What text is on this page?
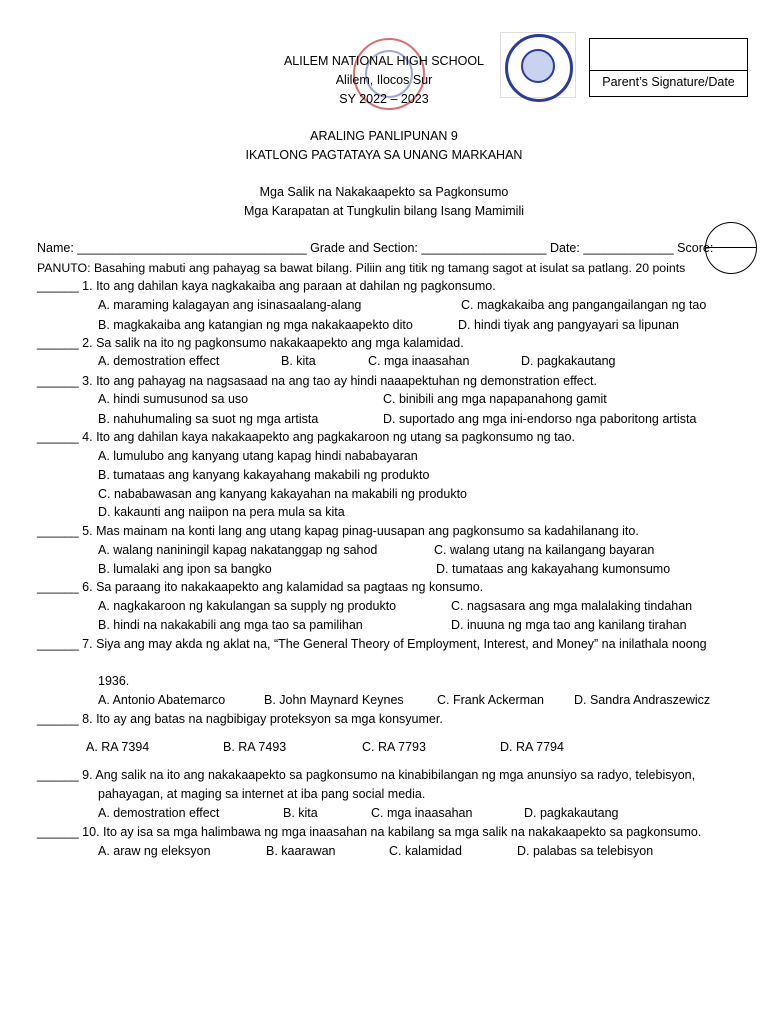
Parent’s Signature/Date
ALILEM NATIONAL HIGH SCHOOL
Alilem, Ilocos Sur
SY 2022 – 2023
ARALING PANLIPUNAN 9
IKATLONG PAGTATAYA SA UNANG MARKAHAN
Mga Salik na Nakakaapekto sa Pagkonsumo
Mga Karapatan at Tungkulin bilang Isang Mamimili
Name: _________________________________ Grade and Section: __________________ Date: _____________ Score:
PANUTO: Basahing mabuti ang pahayag sa bawat bilang. Piliin ang titik ng tamang sagot at isulat sa patlang. 20 points
______ 1. Ito ang dahilan kaya nagkakaiba ang paraan at dahilan ng pagkonsumo.
A. maraming kalagayan ang isinasaalang-alang	C. magkakaiba ang pangangailangan ng tao
B. magkakaiba ang katangian ng mga nakakaapekto dito	D. hindi tiyak ang pangyayari sa lipunan
______ 2. Sa salik na ito ng pagkonsumo nakakaapekto ang mga kalamidad.
A. demostration effect	B. kita	C. mga inaasahan	D. pagkakautang
______ 3. Ito ang pahayag na nagsasaad na ang tao ay hindi naaapektuhan ng demonstration effect.
A. hindi sumusunod sa uso	C. binibili ang mga napapanahong gamit
B. nahuhumaling sa suot ng mga artista	D. suportado ang mga ini-endorso nga paboritong artista
______ 4. Ito ang dahilan kaya nakakaapekto ang pagkakaroon ng utang sa pagkonsumo ng tao.
A. lumulubo ang kanyang utang kapag hindi nababayaran
B. tumataas ang kanyang kakayahang makabili ng produkto
C. nababawasan ang kanyang kakayahan na makabili ng produkto
D. kakaunti ang naiipon na pera mula sa kita
______ 5. Mas mainam na konti lang ang utang kapag pinag-uusapan ang pagkonsumo sa kadahilanang ito.
A. walang naniningil kapag nakatanggap ng sahod	C. walang utang na kailangang bayaran
B. lumalaki ang ipon sa bangko	D. tumataas ang kakayahang kumonsumo
______ 6. Sa paraang ito nakakaapekto ang kalamidad sa pagtaas ng konsumo.
A. nagkakaroon ng kakulangan sa supply ng produkto	C. nagsasara ang mga malalaking tindahan
B. hindi na nakakabili ang mga tao sa pamilihan	D. inuuna ng mga tao ang kanilang tirahan
______ 7. Siya ang may akda ng aklat na, “The General Theory of Employment, Interest, and Money” na inilathala noong
1936.
A. Antonio Abatemarco	B. John Maynard Keynes	C. Frank Ackerman D. Sandra Andraszewicz
______ 8. Ito ay ang batas na nagbibigay proteksyon sa mga konsyumer.
A. RA 7394	B. RA 7493	C. RA 7793	D. RA 7794
______ 9. Ang salik na ito ang nakakaapekto sa pagkonsumo na kinabibilangan ng mga anunsiyo sa radyo, telebisyon,
pahayagan, at maging sa internet at iba pang social media.
A. demostration effect	B. kita	C. mga inaasahan	D. pagkakautang
______ 10. Ito ay isa sa mga halimbawa ng mga inaasahan na kabilang sa mga salik na nakakaapekto sa pagkonsumo.
A. araw ng eleksyon	B. kaarawan	C. kalamidad	D. palabas sa telebisyon
